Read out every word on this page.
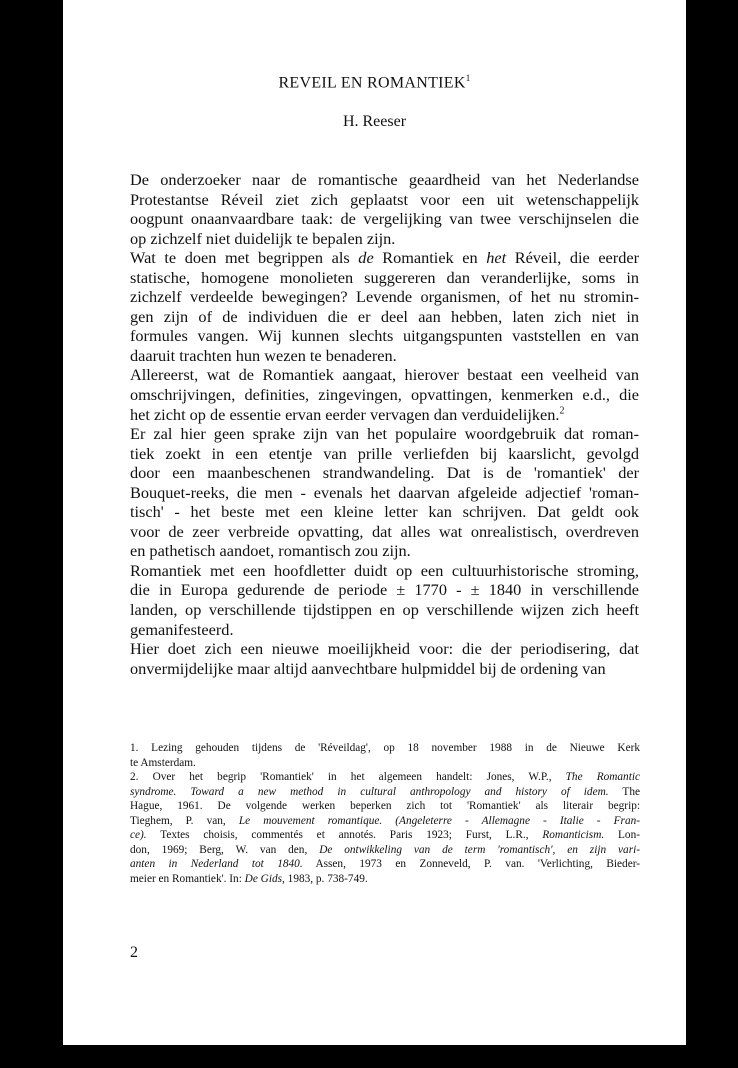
REVEIL EN ROMANTIEK$^1$
H. Reeser
De onderzoeker naar de romantische geaardheid van het Nederlandse
Protestantse Réveil ziet zich geplaatst voor een uit wetenschappelijk
oogpunt onaanvaardbare taak: de vergelijking van twee verschijnselen die
op zichzelf niet duidelijk te bepalen zijn.
Wat te doen met begrippen als de Romantiek en het Réveil, die eerder
statische, homogene monolieten suggereren dan veranderlijke, soms in
zichzelf verdeelde bewegingen? Levende organismen, of het nu stromin-
gen zijn of de individuen die er deel aan hebben, laten zich niet in
formules vangen. Wij kunnen slechts uitgangspunten vaststellen en van
daaruit trachten hun wezen te benaderen.
Allereerst, wat de Romantiek aangaat, hierover bestaat een veelheid van
omschrijvingen, definities, zingevingen, opvattingen, kenmerken e.d., die
het zicht op de essentie ervan eerder vervagen dan verduidelijken.$^2$
Er zal hier geen sprake zijn van het populaire woordgebruik dat roman-
tiek zoekt in een etentje van prille verliefden bij kaarslicht, gevolgd
door een maanbeschenen strandwandeling. Dat is de 'romantiek' der
Bouquet-reeks, die men - evenals het daarvan afgeleide adjectief 'roman-
tisch' - het beste met een kleine letter kan schrijven. Dat geldt ook
voor de zeer verbreide opvatting, dat alles wat onrealistisch, overdreven
en pathetisch aandoet, romantisch zou zijn.
Romantiek met een hoofdletter duidt op een cultuurhistorische stroming,
die in Europa gedurende de periode ± 1770 - ± 1840 in verschillende
landen, op verschillende tijdstippen en op verschillende wijzen zich heeft
gemanifesteerd.
Hier doet zich een nieuwe moeilijkheid voor: die der periodisering, dat
onvermijdelijke maar altijd aanvechtbare hulpmiddel bij de ordening van
1. Lezing gehouden tijdens de 'Réveildag', op 18 november 1988 in de Nieuwe Kerk
te Amsterdam.
2. Over het begrip 'Romantiek' in het algemeen handelt: Jones, W.P., The Romantic
syndrome. Toward a new method in cultural anthropology and history of idem. The
Hague, 1961. De volgende werken beperken zich tot 'Romantiek' als literair begrip:
Tieghem, P. van, Le mouvement romantique. (Angeleterre - Allemagne - Italie - Fran-
ce). Textes choisis, commentés et annotés. Paris 1923; Furst, L.R., Romanticism. Lon-
don, 1969; Berg, W. van den, De ontwikkeling van de term 'romantisch', en zijn vari-
anten in Nederland tot 1840. Assen, 1973 en Zonneveld, P. van. 'Verlichting, Bieder-
meier en Romantiek'. In: De Gids, 1983, p. 738-749.
2
